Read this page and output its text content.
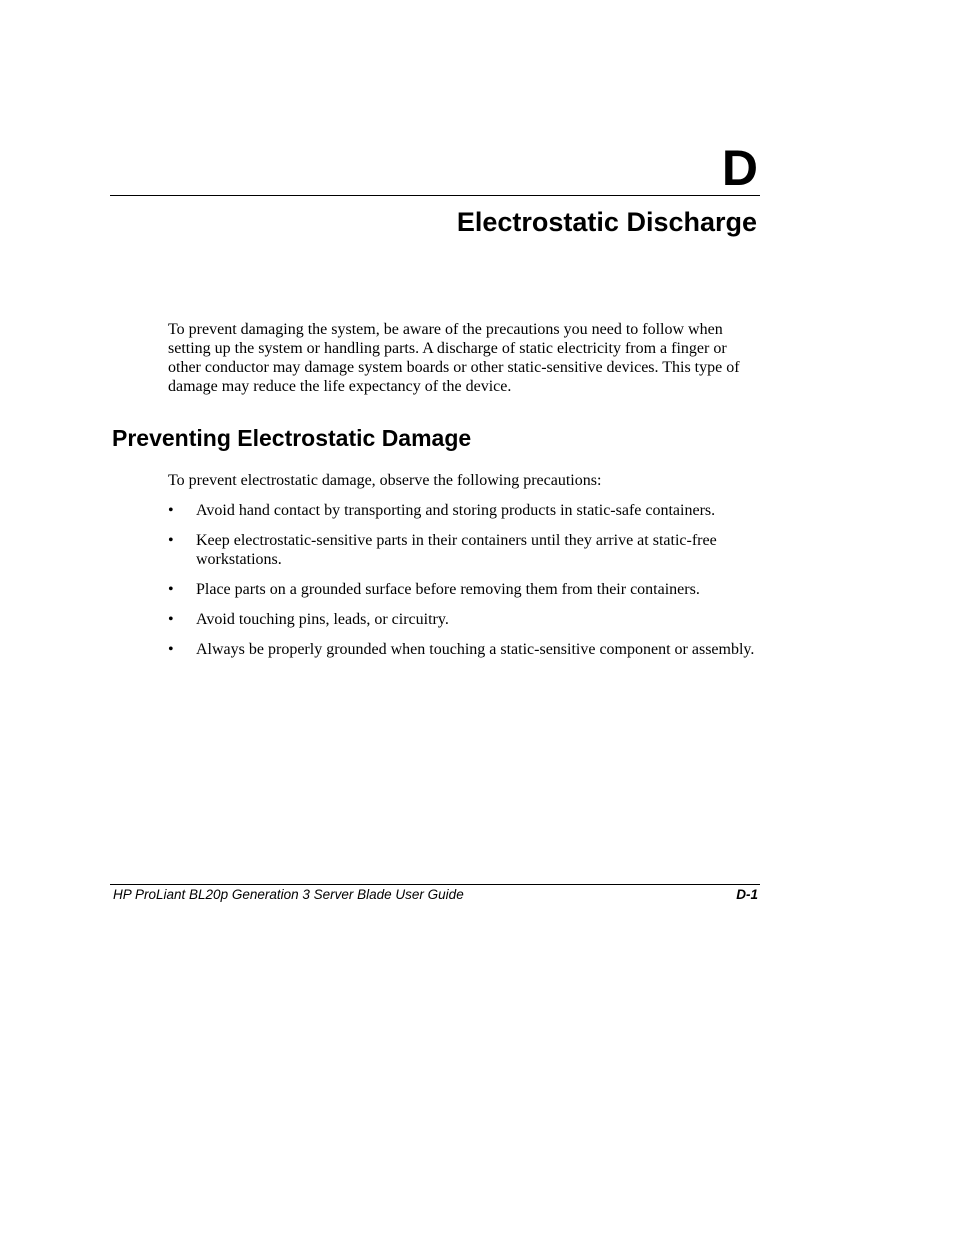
D
Electrostatic Discharge

To prevent damaging the system, be aware of the precautions you need to follow when setting up the system or handling parts. A discharge of static electricity from a finger or other conductor may damage system boards or other static-sensitive devices. This type of damage may reduce the life expectancy of the device.

Preventing Electrostatic Damage

To prevent electrostatic damage, observe the following precautions:

•	Avoid hand contact by transporting and storing products in static-safe containers.
•	Keep electrostatic-sensitive parts in their containers until they arrive at static-free workstations.
•	Place parts on a grounded surface before removing them from their containers.
•	Avoid touching pins, leads, or circuitry.
•	Always be properly grounded when touching a static-sensitive component or assembly.
HP ProLiant BL20p Generation 3 Server Blade User Guide	D-1
